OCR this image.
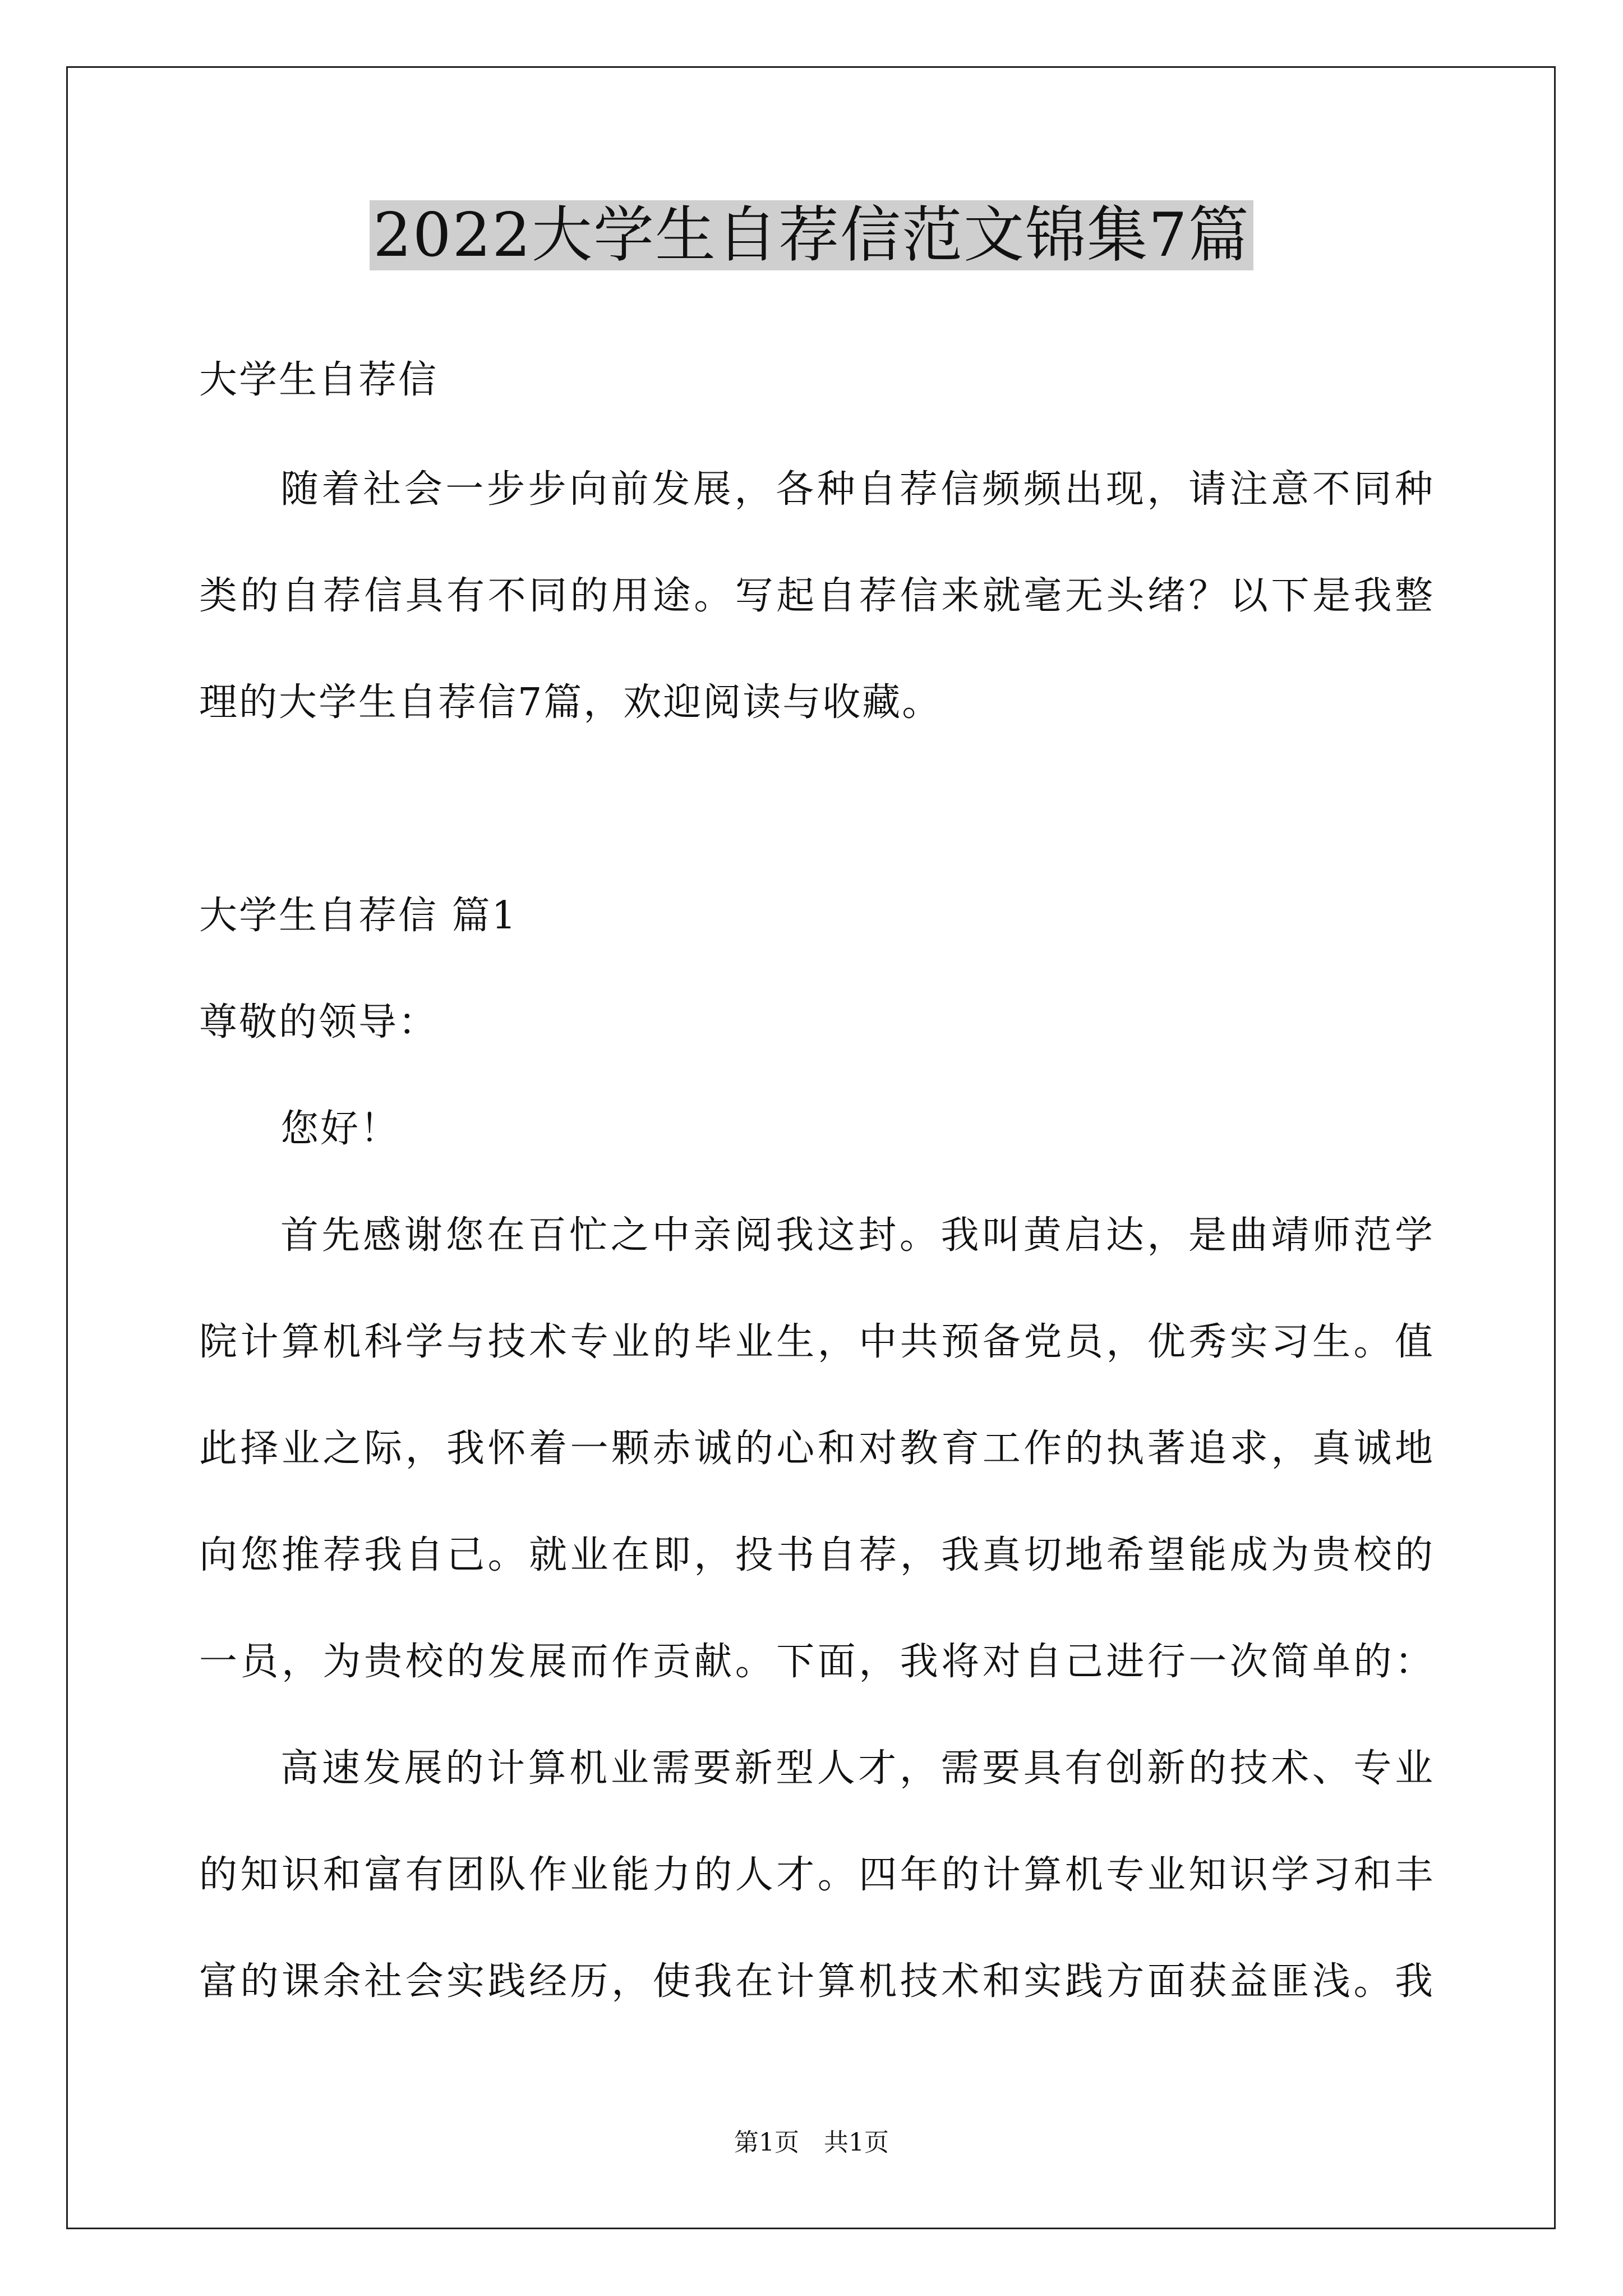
2022大学生自荐信范文锦集7篇
大学生自荐信
随着社会一步步向前发展，各种自荐信频频出现，请注意不同种
类的自荐信具有不同的用途。写起自荐信来就毫无头绪？以下是我整
理的大学生自荐信7篇，欢迎阅读与收藏。
大学生自荐信 篇1
尊敬的领导：
您好！
首先感谢您在百忙之中亲阅我这封。我叫黄启达，是曲靖师范学
院计算机科学与技术专业的毕业生，中共预备党员，优秀实习生。值
此择业之际，我怀着一颗赤诚的心和对教育工作的执著追求，真诚地
向您推荐我自己。就业在即，投书自荐，我真切地希望能成为贵校的
一员，为贵校的发展而作贡献。下面，我将对自己进行一次简单的：
高速发展的计算机业需要新型人才，需要具有创新的技术、专业
的知识和富有团队作业能力的人才。四年的计算机专业知识学习和丰
富的课余社会实践经历，使我在计算机技术和实践方面获益匪浅。我
第1页　共1页
